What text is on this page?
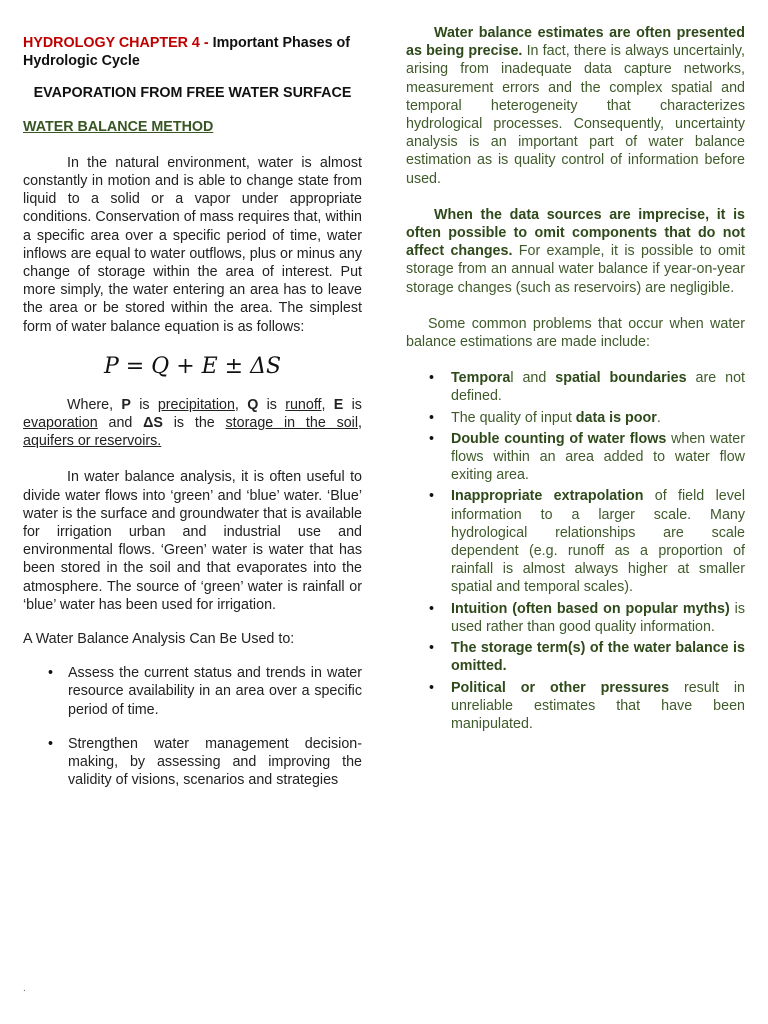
HYDROLOGY CHAPTER 4 - Important Phases of Hydrologic Cycle

EVAPORATION FROM FREE WATER SURFACE

WATER BALANCE METHOD

In the natural environment, water is almost constantly in motion and is able to change state from liquid to a solid or a vapor under appropriate conditions. Conservation of mass requires that, within a specific area over a specific period of time, water inflows are equal to water outflows, plus or minus any change of storage within the area of interest. Put more simply, the water entering an area has to leave the area or be stored within the area. The simplest form of water balance equation is as follows:

P = Q + E ± ΔS

Where, P is precipitation, Q is runoff, E is evaporation and ΔS is the storage in the soil, aquifers or reservoirs.

In water balance analysis, it is often useful to divide water flows into ‘green’ and ‘blue’ water. ‘Blue’ water is the surface and groundwater that is available for irrigation urban and industrial use and environmental flows. ‘Green’ water is water that has been stored in the soil and that evaporates into the atmosphere. The source of ‘green’ water is rainfall or ‘blue’ water has been used for irrigation.

A Water Balance Analysis Can Be Used to:

• Assess the current status and trends in water resource availability in an area over a specific period of time.
• Strengthen water management decision-making, by assessing and improving the validity of visions, scenarios and strategies

Water balance estimates are often presented as being precise. In fact, there is always uncertainly, arising from inadequate data capture networks, measurement errors and the complex spatial and temporal heterogeneity that characterizes hydrological processes. Consequently, uncertainty analysis is an important part of water balance estimation as is quality control of information before used.

When the data sources are imprecise, it is often possible to omit components that do not affect changes. For example, it is possible to omit storage from an annual water balance if year-on-year storage changes (such as reservoirs) are negligible.

Some common problems that occur when water balance estimations are made include:

• Temporal and spatial boundaries are not defined.
• The quality of input data is poor.
• Double counting of water flows when water flows within an area added to water flow exiting area.
• Inappropriate extrapolation of field level information to a larger scale. Many hydrological relationships are scale dependent (e.g. runoff as a proportion of rainfall is almost always higher at smaller spatial and temporal scales).
• Intuition (often based on popular myths) is used rather than good quality information.
• The storage term(s) of the water balance is omitted.
• Political or other pressures result in unreliable estimates that have been manipulated.
.
